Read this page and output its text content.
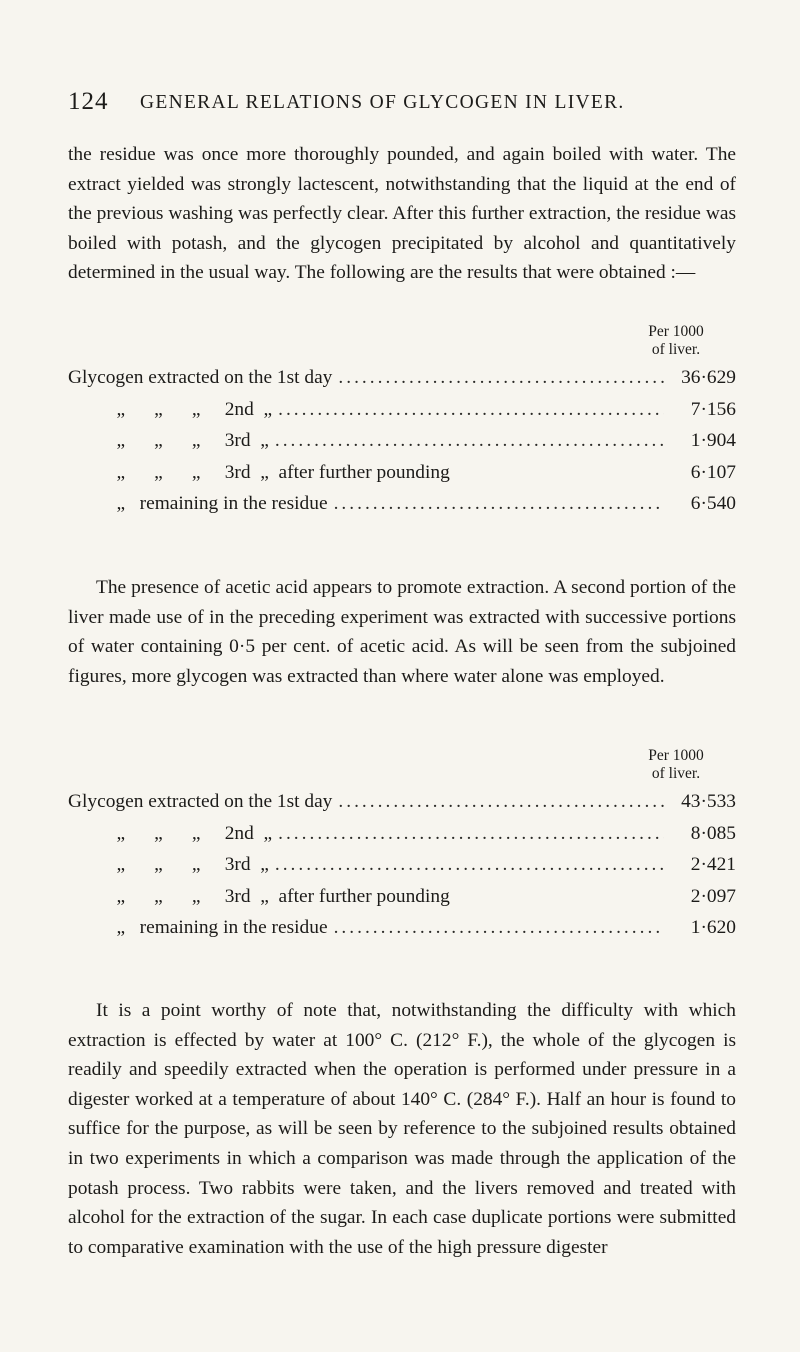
124 GENERAL RELATIONS OF GLYCOGEN IN LIVER.

the residue was once more thoroughly pounded, and again boiled with water. The extract yielded was strongly lactescent, notwithstanding that the liquid at the end of the previous washing was perfectly clear. After this further extraction, the residue was boiled with potash, and the glycogen precipitated by alcohol and quantitatively determined in the usual way. The following are the results that were obtained :—

Per 1000
of liver.
Glycogen extracted on the 1st day .....	36·629
„      „      „     2nd  „ .....	7·156
„      „      „     3rd  „ .....	1·904
„      „      „     3rd  „  after further pounding	6·107
„   remaining in the residue .....	6·540

The presence of acetic acid appears to promote extraction. A second portion of the liver made use of in the preceding experiment was extracted with successive portions of water containing 0·5 per cent. of acetic acid. As will be seen from the subjoined figures, more glycogen was extracted than where water alone was employed.

Per 1000
of liver.
Glycogen extracted on the 1st day .....	43·533
„      „      „     2nd  „ .....	8·085
„      „      „     3rd  „ .....	2·421
„      „      „     3rd  „  after further pounding	2·097
„   remaining in the residue .....	1·620

It is a point worthy of note that, notwithstanding the difficulty with which extraction is effected by water at 100° C. (212° F.), the whole of the glycogen is readily and speedily extracted when the operation is performed under pressure in a digester worked at a temperature of about 140° C. (284° F.). Half an hour is found to suffice for the purpose, as will be seen by reference to the subjoined results obtained in two experiments in which a comparison was made through the application of the potash process. Two rabbits were taken, and the livers removed and treated with alcohol for the extraction of the sugar. In each case duplicate portions were submitted to comparative examination with the use of the high pressure digester
